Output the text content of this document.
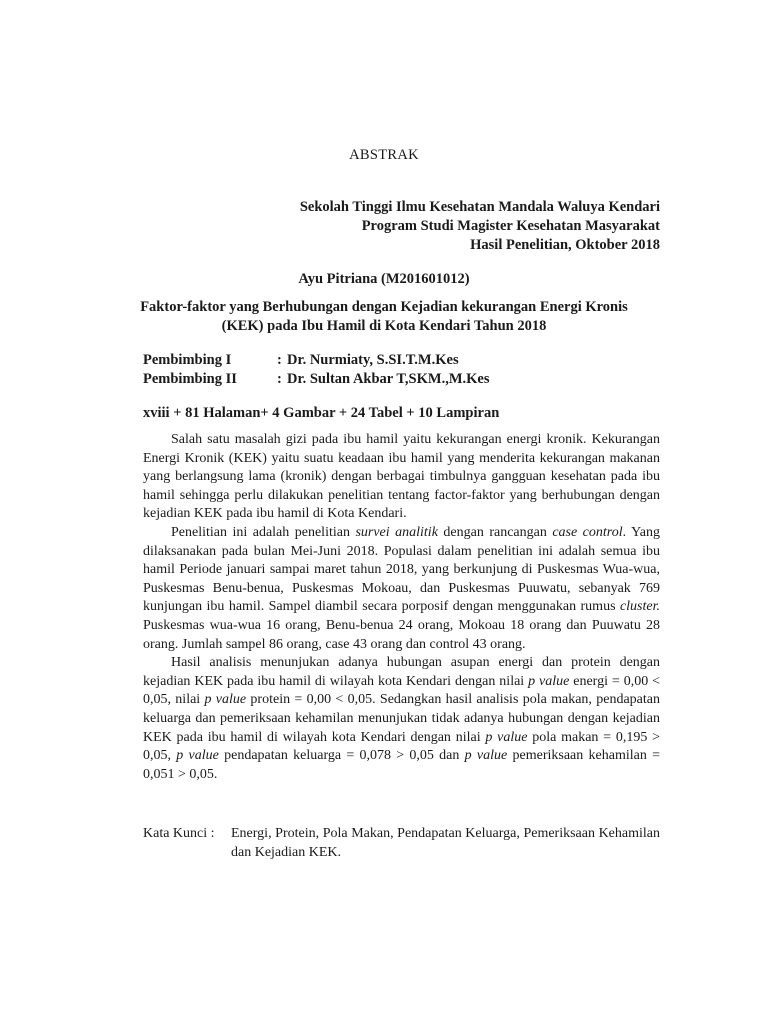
ABSTRAK
Sekolah Tinggi Ilmu Kesehatan Mandala Waluya Kendari
Program Studi Magister Kesehatan Masyarakat
Hasil Penelitian, Oktober 2018
Ayu Pitriana (M201601012)
Faktor-faktor yang Berhubungan dengan Kejadian kekurangan Energi Kronis
(KEK) pada Ibu Hamil di Kota Kendari Tahun 2018
Pembimbing I	: Dr. Nurmiaty, S.SI.T.M.Kes
Pembimbing II	: Dr. Sultan Akbar T,SKM.,M.Kes
xviii + 81 Halaman+ 4 Gambar + 24 Tabel + 10 Lampiran

Salah satu masalah gizi pada ibu hamil yaitu kekurangan energi kronik. Kekurangan Energi Kronik (KEK) yaitu suatu keadaan ibu hamil yang menderita kekurangan makanan yang berlangsung lama (kronik) dengan berbagai timbulnya gangguan kesehatan pada ibu hamil sehingga perlu dilakukan penelitian tentang factor-faktor yang berhubungan dengan kejadian KEK pada ibu hamil di Kota Kendari.

Penelitian ini adalah penelitian survei analitik dengan rancangan case control. Yang dilaksanakan pada bulan Mei-Juni 2018. Populasi dalam penelitian ini adalah semua ibu hamil Periode januari sampai maret tahun 2018, yang berkunjung di Puskesmas Wua-wua, Puskesmas Benu-benua, Puskesmas Mokoau, dan Puskesmas Puuwatu, sebanyak 769 kunjungan ibu hamil. Sampel diambil secara porposif dengan menggunakan rumus cluster. Puskesmas wua-wua 16 orang, Benu-benua 24 orang, Mokoau 18 orang dan Puuwatu 28 orang. Jumlah sampel 86 orang, case 43 orang dan control 43 orang.

Hasil analisis menunjukan adanya hubungan asupan energi dan protein dengan kejadian KEK pada ibu hamil di wilayah kota Kendari dengan nilai p value energi = 0,00 < 0,05, nilai p value protein = 0,00 < 0,05. Sedangkan hasil analisis pola makan, pendapatan keluarga dan pemeriksaan kehamilan menunjukan tidak adanya hubungan dengan kejadian KEK pada ibu hamil di wilayah kota Kendari dengan nilai p value pola makan = 0,195 > 0,05, p value pendapatan keluarga = 0,078 > 0,05 dan p value pemeriksaan kehamilan = 0,051 > 0,05.

Kata Kunci :	Energi, Protein, Pola Makan, Pendapatan Keluarga, Pemeriksaan Kehamilan dan Kejadian KEK.
